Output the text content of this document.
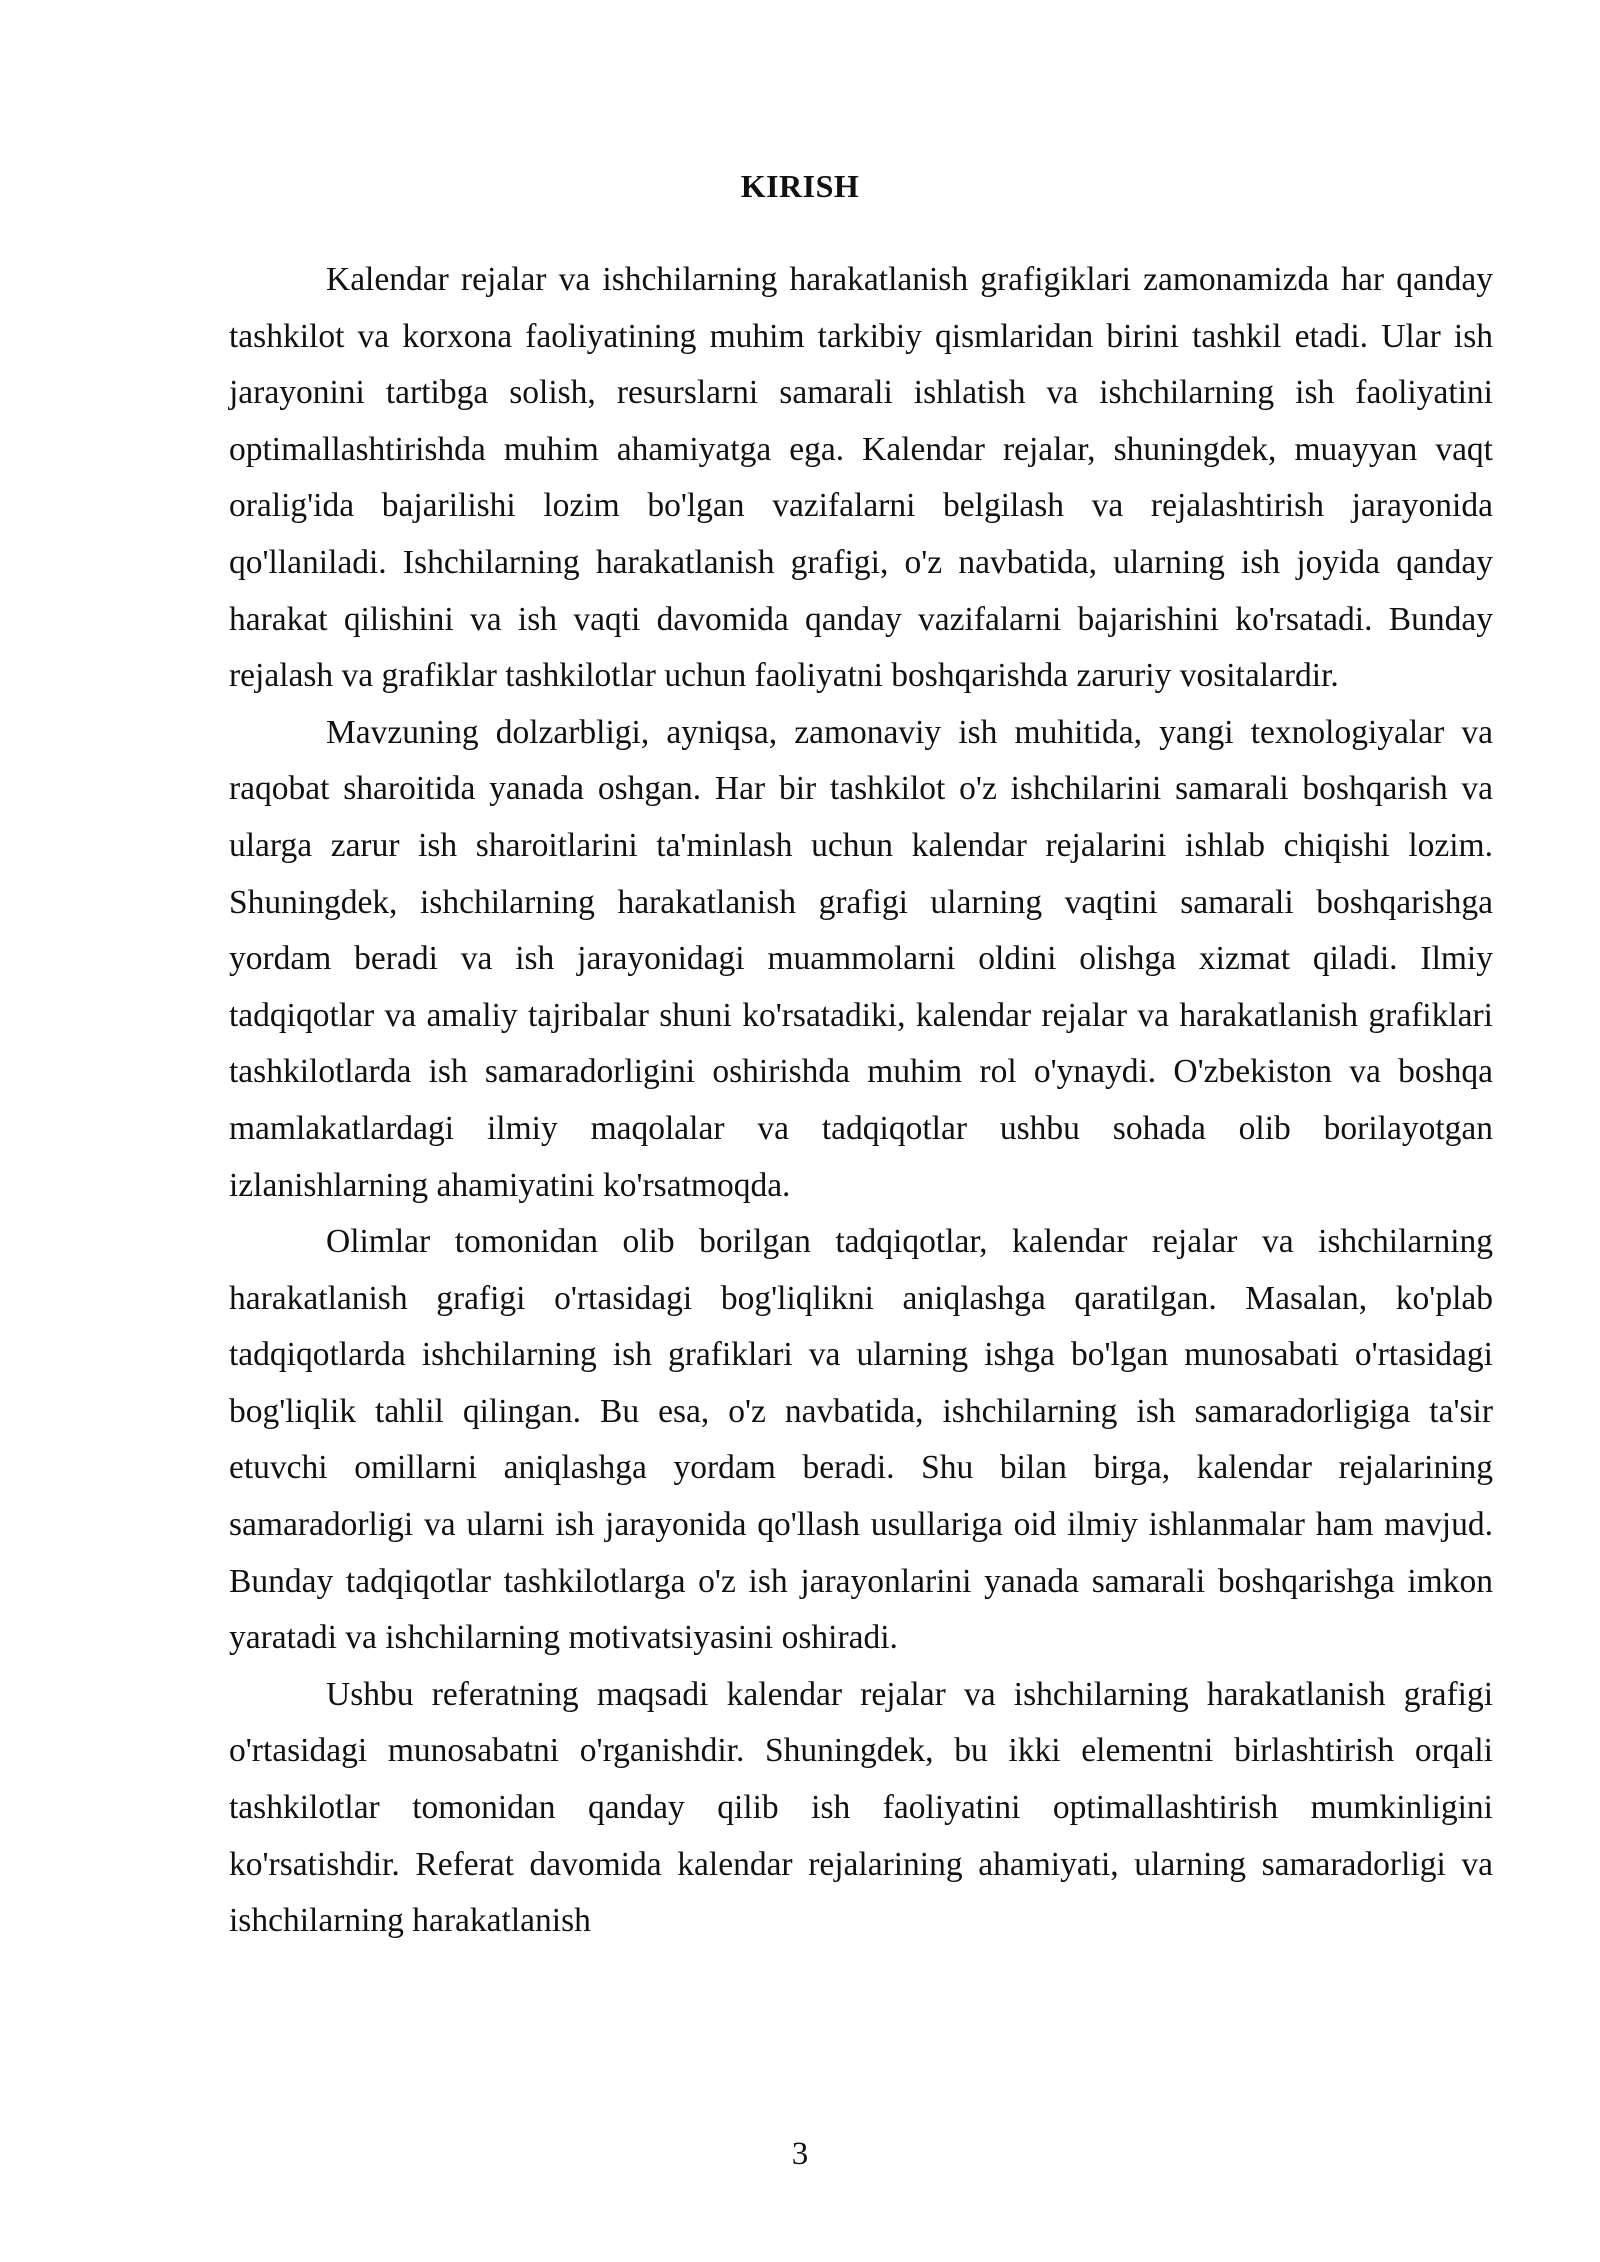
KIRISH

Kalendar rejalar va ishchilarning harakatlanish grafigiklari zamonamizda har qanday tashkilot va korxona faoliyatining muhim tarkibiy qismlaridan birini tashkil etadi. Ular ish jarayonini tartibga solish, resurslarni samarali ishlatish va ishchilarning ish faoliyatini optimallashtirishda muhim ahamiyatga ega. Kalendar rejalar, shuningdek, muayyan vaqt oralig'ida bajarilishi lozim bo'lgan vazifalarni belgilash va rejalashtirish jarayonida qo'llaniladi. Ishchilarning harakatlanish grafigi, o'z navbatida, ularning ish joyida qanday harakat qilishini va ish vaqti davomida qanday vazifalarni bajarishini ko'rsatadi. Bunday rejalash va grafiklar tashkilotlar uchun faoliyatni boshqarishda zaruriy vositalardir.

Mavzuning dolzarbligi, ayniqsa, zamonaviy ish muhitida, yangi texnologiyalar va raqobat sharoitida yanada oshgan. Har bir tashkilot o'z ishchilarini samarali boshqarish va ularga zarur ish sharoitlarini ta'minlash uchun kalendar rejalarini ishlab chiqishi lozim. Shuningdek, ishchilarning harakatlanish grafigi ularning vaqtini samarali boshqarishga yordam beradi va ish jarayonidagi muammolarni oldini olishga xizmat qiladi. Ilmiy tadqiqotlar va amaliy tajribalar shuni ko'rsatadiki, kalendar rejalar va harakatlanish grafiklari tashkilotlarda ish samaradorligini oshirishda muhim rol o'ynaydi. O'zbekiston va boshqa mamlakatlardagi ilmiy maqolalar va tadqiqotlar ushbu sohada olib borilayotgan izlanishlarning ahamiyatini ko'rsatmoqda.

Olimlar tomonidan olib borilgan tadqiqotlar, kalendar rejalar va ishchilarning harakatlanish grafigi o'rtasidagi bog'liqlikni aniqlashga qaratilgan. Masalan, ko'plab tadqiqotlarda ishchilarning ish grafiklari va ularning ishga bo'lgan munosabati o'rtasidagi bog'liqlik tahlil qilingan. Bu esa, o'z navbatida, ishchilarning ish samaradorligiga ta'sir etuvchi omillarni aniqlashga yordam beradi. Shu bilan birga, kalendar rejalarining samaradorligi va ularni ish jarayonida qo'llash usullariga oid ilmiy ishlanmalar ham mavjud. Bunday tadqiqotlar tashkilotlarga o'z ish jarayonlarini yanada samarali boshqarishga imkon yaratadi va ishchilarning motivatsiyasini oshiradi.

Ushbu referatning maqsadi kalendar rejalar va ishchilarning harakatlanish grafigi o'rtasidagi munosabatni o'rganishdir. Shuningdek, bu ikki elementni birlashtirish orqali tashkilotlar tomonidan qanday qilib ish faoliyatini optimallashtirish mumkinligini ko'rsatishdir. Referat davomida kalendar rejalarining ahamiyati, ularning samaradorligi va ishchilarning harakatlanish

3
